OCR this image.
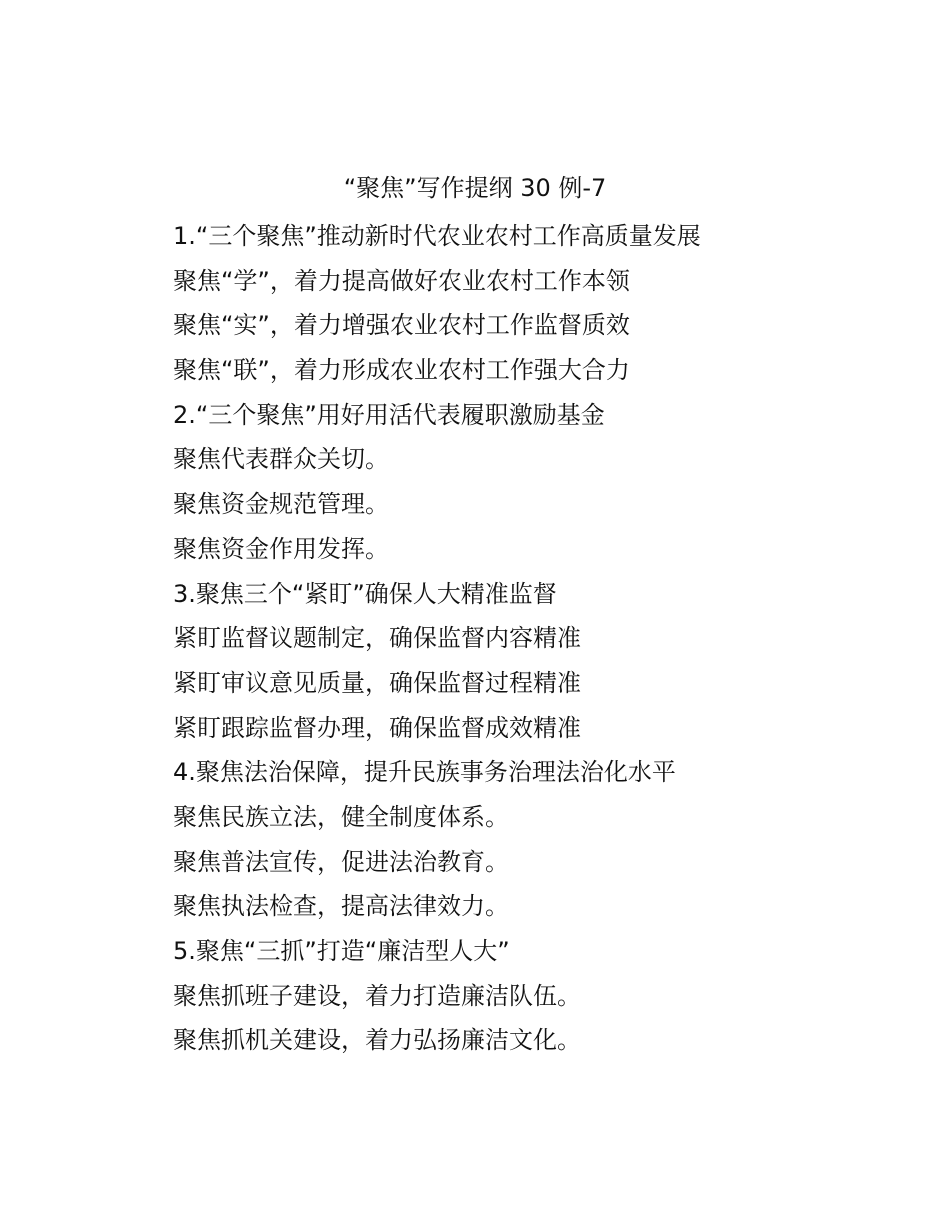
“聚焦”写作提纲 30 例-7
1.“三个聚焦”推动新时代农业农村工作高质量发展
聚焦“学”，着力提高做好农业农村工作本领
聚焦“实”，着力增强农业农村工作监督质效
聚焦“联”，着力形成农业农村工作强大合力
2.“三个聚焦”用好用活代表履职激励基金
聚焦代表群众关切。
聚焦资金规范管理。
聚焦资金作用发挥。
3.聚焦三个“紧盯”确保人大精准监督
紧盯监督议题制定，确保监督内容精准
紧盯审议意见质量，确保监督过程精准
紧盯跟踪监督办理，确保监督成效精准
4.聚焦法治保障，提升民族事务治理法治化水平
聚焦民族立法，健全制度体系。
聚焦普法宣传，促进法治教育。
聚焦执法检查，提高法律效力。
5.聚焦“三抓”打造“廉洁型人大”
聚焦抓班子建设，着力打造廉洁队伍。
聚焦抓机关建设，着力弘扬廉洁文化。
